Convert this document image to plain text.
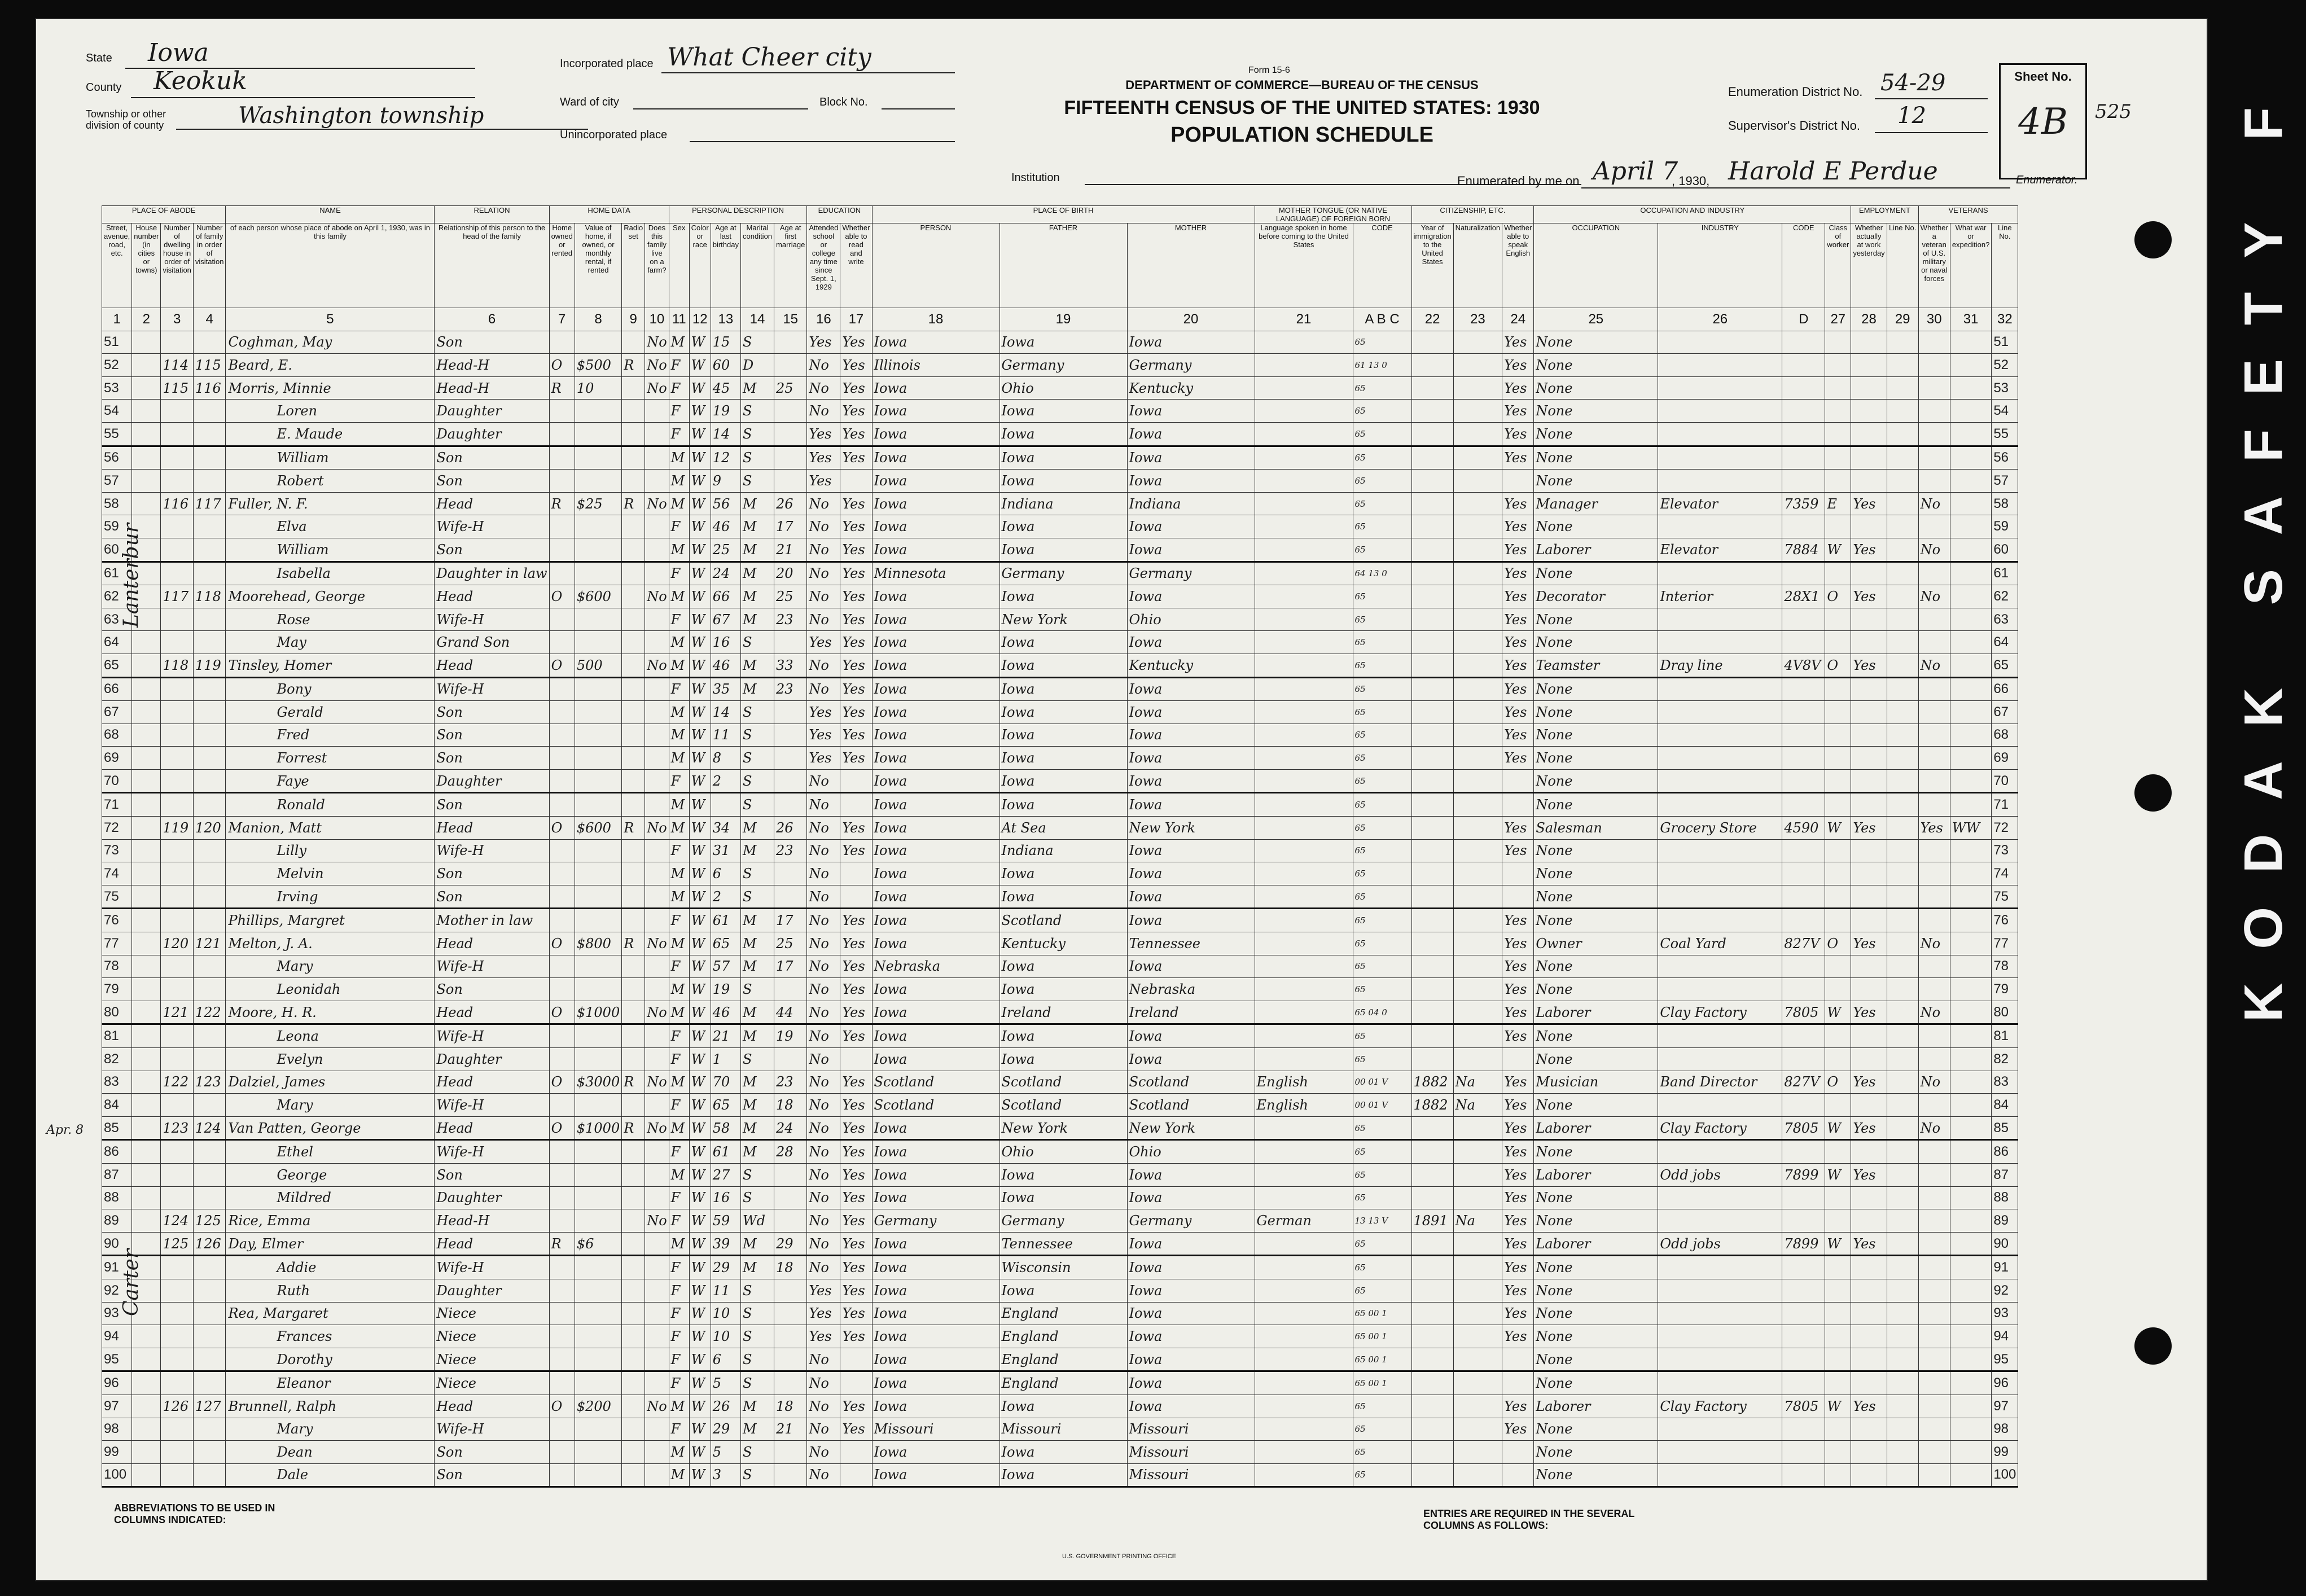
State Iowa
County Keokuk
Township or other division of county	Washington township
Incorporated place What Cheer city
Ward of city	Block No.
Unincorporated place
Form 15-6
DEPARTMENT OF COMMERCE—BUREAU OF THE CENSUS
FIFTEENTH CENSUS OF THE UNITED STATES: 1930
POPULATION SCHEDULE
Institution
Enumeration District No. 54-29
Supervisor's District No. 12
Sheet No.
4B	525
Enumerated by me on April 7
, 1930, Harold E Perdue	Enumerator.
Lanterbur
Carter
Apr. 8
ABBREVIATIONS TO BE USED IN COLUMNS INDICATED:
ENTRIES ARE REQUIRED IN THE SEVERAL COLUMNS AS FOLLOWS:
U.S. GOVERNMENT PRINTING OFFICE
PLACE OF ABODE				NAME	RELATION	HOME DATA				PERSONAL DESCRIPTION					EDUCATION		PLACE OF BIRTH			MOTHER TONGUE (OR NATIVE LANGUAGE) OF FOREIGN BORN		CITIZENSHIP, ETC.			OCCUPATION AND INDUSTRY				EMPLOYMENT		VETERANS		
Street, avenue, road, etc.	House number (in cities or towns)	Number of dwelling house in order of visitation	Number of family in order of visitation	of each person whose place of abode on April 1, 1930, was in this family	Relationship of this person to the head of the family	Home owned or rented	Value of home, if owned, or monthly rental, if rented	Radio set	Does this family live on a farm?	Sex	Color or race	Age at last birthday	Marital condition	Age at first marriage	Attended school or college any time since Sept. 1, 1929	Whether able to read and write	PERSON	FATHER	MOTHER	Language spoken in home before coming to the United States	CODE	Year of immigration to the United States	Naturalization	Whether able to speak English	OCCUPATION	INDUSTRY	CODE	Class of worker	Whether actually at work yesterday	Line No.	Whether a veteran of U.S. military or naval forces	What war or expedition?	Line No.
1	2	3	4	5	6	7	8	9	10	11	12	13	14	15	16	17	18	19	20	21	A B C	22	23	24	25	26	D	27	28	29	30	31	32
51				Coghman, May	Son				No	M	W	15	S		Yes	Yes	Iowa	Iowa	Iowa		65			Yes	None								51
52		114	115	Beard, E.	Head-H	O	$500	R	No	F	W	60	D		No	Yes	Illinois	Germany	Germany		61 13 0			Yes	None								52
53		115	116	Morris, Minnie	Head-H	R	10		No	F	W	45	M	25	No	Yes	Iowa	Ohio	Kentucky		65			Yes	None								53
54				Loren	Daughter					F	W	19	S		No	Yes	Iowa	Iowa	Iowa		65			Yes	None								54
55				E. Maude	Daughter					F	W	14	S		Yes	Yes	Iowa	Iowa	Iowa		65			Yes	None								55
56				William	Son					M	W	12	S		Yes	Yes	Iowa	Iowa	Iowa		65			Yes	None								56
57				Robert	Son					M	W	9	S		Yes		Iowa	Iowa	Iowa		65				None								57
58		116	117	Fuller, N. F.	Head	R	$25	R	No	M	W	56	M	26	No	Yes	Iowa	Indiana	Indiana		65			Yes	Manager	Elevator	7359	E	Yes		No		58
59				Elva	Wife-H					F	W	46	M	17	No	Yes	Iowa	Iowa	Iowa		65			Yes	None								59
60				William	Son					M	W	25	M	21	No	Yes	Iowa	Iowa	Iowa		65			Yes	Laborer	Elevator	7884	W	Yes		No		60
61				Isabella	Daughter in law					F	W	24	M	20	No	Yes	Minnesota	Germany	Germany		64 13 0			Yes	None								61
62		117	118	Moorehead, George	Head	O	$600		No	M	W	66	M	25	No	Yes	Iowa	Iowa	Iowa		65			Yes	Decorator	Interior	28X1	O	Yes		No		62
63				Rose	Wife-H					F	W	67	M	23	No	Yes	Iowa	New York	Ohio		65			Yes	None								63
64				May	Grand Son					M	W	16	S		Yes	Yes	Iowa	Iowa	Iowa		65			Yes	None								64
65		118	119	Tinsley, Homer	Head	O	500		No	M	W	46	M	33	No	Yes	Iowa	Iowa	Kentucky		65			Yes	Teamster	Dray line	4V8V	O	Yes		No		65
66				Bony	Wife-H					F	W	35	M	23	No	Yes	Iowa	Iowa	Iowa		65			Yes	None								66
67				Gerald	Son					M	W	14	S		Yes	Yes	Iowa	Iowa	Iowa		65			Yes	None								67
68				Fred	Son					M	W	11	S		Yes	Yes	Iowa	Iowa	Iowa		65			Yes	None								68
69				Forrest	Son					M	W	8	S		Yes	Yes	Iowa	Iowa	Iowa		65			Yes	None								69
70				Faye	Daughter					F	W	2	S		No		Iowa	Iowa	Iowa		65				None								70
71				Ronald	Son					M	W		S		No		Iowa	Iowa	Iowa		65				None								71
72		119	120	Manion, Matt	Head	O	$600	R	No	M	W	34	M	26	No	Yes	Iowa	At Sea	New York		65			Yes	Salesman	Grocery Store	4590	W	Yes		Yes	WW	72
73				Lilly	Wife-H					F	W	31	M	23	No	Yes	Iowa	Indiana	Iowa		65			Yes	None								73
74				Melvin	Son					M	W	6	S		No		Iowa	Iowa	Iowa		65				None								74
75				Irving	Son					M	W	2	S		No		Iowa	Iowa	Iowa		65				None								75
76				Phillips, Margret	Mother in law					F	W	61	M	17	No	Yes	Iowa	Scotland	Iowa		65			Yes	None								76
77		120	121	Melton, J. A.	Head	O	$800	R	No	M	W	65	M	25	No	Yes	Iowa	Kentucky	Tennessee		65			Yes	Owner	Coal Yard	827V	O	Yes		No		77
78				Mary	Wife-H					F	W	57	M	17	No	Yes	Nebraska	Iowa	Iowa		65			Yes	None								78
79				Leonidah	Son					M	W	19	S		No	Yes	Iowa	Iowa	Nebraska		65			Yes	None								79
80		121	122	Moore, H. R.	Head	O	$1000		No	M	W	46	M	44	No	Yes	Iowa	Ireland	Ireland		65 04 0			Yes	Laborer	Clay Factory	7805	W	Yes		No		80
81				Leona	Wife-H					F	W	21	M	19	No	Yes	Iowa	Iowa	Iowa		65			Yes	None								81
82				Evelyn	Daughter					F	W	1	S		No		Iowa	Iowa	Iowa		65				None								82
83		122	123	Dalziel, James	Head	O	$3000	R	No	M	W	70	M	23	No	Yes	Scotland	Scotland	Scotland	English	00 01 V	1882	Na	Yes	Musician	Band Director	827V	O	Yes		No		83
84				Mary	Wife-H					F	W	65	M	18	No	Yes	Scotland	Scotland	Scotland	English	00 01 V	1882	Na	Yes	None								84
85		123	124	Van Patten, George	Head	O	$1000	R	No	M	W	58	M	24	No	Yes	Iowa	New York	New York		65			Yes	Laborer	Clay Factory	7805	W	Yes		No		85
86				Ethel	Wife-H					F	W	61	M	28	No	Yes	Iowa	Ohio	Ohio		65			Yes	None								86
87				George	Son					M	W	27	S		No	Yes	Iowa	Iowa	Iowa		65			Yes	Laborer	Odd jobs	7899	W	Yes				87
88				Mildred	Daughter					F	W	16	S		No	Yes	Iowa	Iowa	Iowa		65			Yes	None								88
89		124	125	Rice, Emma	Head-H				No	F	W	59	Wd		No	Yes	Germany	Germany	Germany	German	13 13 V	1891	Na	Yes	None								89
90		125	126	Day, Elmer	Head	R	$6			M	W	39	M	29	No	Yes	Iowa	Tennessee	Iowa		65			Yes	Laborer	Odd jobs	7899	W	Yes				90
91				Addie	Wife-H					F	W	29	M	18	No	Yes	Iowa	Wisconsin	Iowa		65			Yes	None								91
92				Ruth	Daughter					F	W	11	S		Yes	Yes	Iowa	Iowa	Iowa		65			Yes	None								92
93				Rea, Margaret	Niece					F	W	10	S		Yes	Yes	Iowa	England	Iowa		65 00 1			Yes	None								93
94				Frances	Niece					F	W	10	S		Yes	Yes	Iowa	England	Iowa		65 00 1			Yes	None								94
95				Dorothy	Niece					F	W	6	S		No		Iowa	England	Iowa		65 00 1				None								95
96				Eleanor	Niece					F	W	5	S		No		Iowa	England	Iowa		65 00 1				None								96
97		126	127	Brunnell, Ralph	Head	O	$200		No	M	W	26	M	18	No	Yes	Iowa	Iowa	Iowa		65			Yes	Laborer	Clay Factory	7805	W	Yes				97
98				Mary	Wife-H					F	W	29	M	21	No	Yes	Missouri	Missouri	Missouri		65			Yes	None								98
99				Dean	Son					M	W	5	S		No		Iowa	Iowa	Missouri		65				None								99
100				Dale	Son					M	W	3	S		No		Iowa	Iowa	Missouri		65				None								100
KODAK SAFETY F
